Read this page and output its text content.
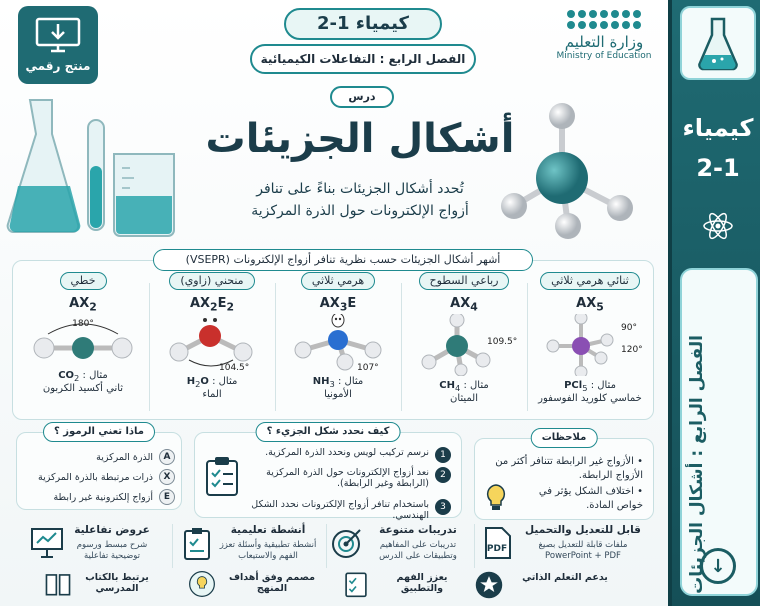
كيمياء
2-1
الفصل الرابع : أشكال الجزيئات ↓
منتج رقمي
وزارة التعليم
Ministry of Education
كيمياء 1-2
الفصل الرابع : التفاعلات الكيميائية
درس
أشكال الجزيئات
تُحدد أشكال الجزيئات بناءً على تنافر
أزواج الإلكترونات حول الذرة المركزية
أشهر أشكال الجزيئات حسب نظرية تنافر أزواج الإلكترونات (VSEPR)
خطي
$AX_2$
180°
مثال : $CO_2$
ثاني أكسيد الكربون
منحني (زاوي)
$AX_2E_2$
104.5°
مثال : $H_2O$
الماء
هرمي ثلاثي
$AX_3E$
107°
مثال : $NH_3$
الأمونيا
رباعي السطوح
$AX_4$
109.5°
مثال : $CH_4$
الميثان
ثنائي هرمي ثلاثي
$AX_5$
90°
120°
مثال : PCl$_5$
خماسي كلوريد الفوسفور
ماذا تعني الرموز ؟
A
الذرة المركزية
X
ذرات مرتبطة بالذرة المركزية
E
أزواج إلكترونية غير رابطة
كيف نحدد شكل الجزيء ؟
1
نرسم تركيب لويس ونحدد الذرة المركزية.
2
نعد أزواج الإلكترونات حول الذرة المركزية (الرابطة وغير الرابطة).
3
باستخدام تنافر أزواج الإلكترونات نحدد الشكل الهندسي.
ملاحظات
• الأزواج غير الرابطة تتنافر أكثر من الأزواج الرابطة.
• اختلاف الشكل يؤثر في خواص المادة.
عروض تفاعلية
شرح مبسط ورسوم توضيحية تفاعلية
أنشطة تعليمية
أنشطة تطبيقية وأسئلة تعزز الفهم والاستيعاب
تدريبات متنوعة
تدريبات على المفاهيم وتطبيقات على الدرس
PDF
قابل للتعديل والتحميل
ملفات قابلة للتعديل بصيغ PowerPoint + PDF
يرتبط بالكتاب المدرسي
مصمم وفق أهداف المنهج
يعزز الفهم والتطبيق
يدعم التعلم الذاتي
